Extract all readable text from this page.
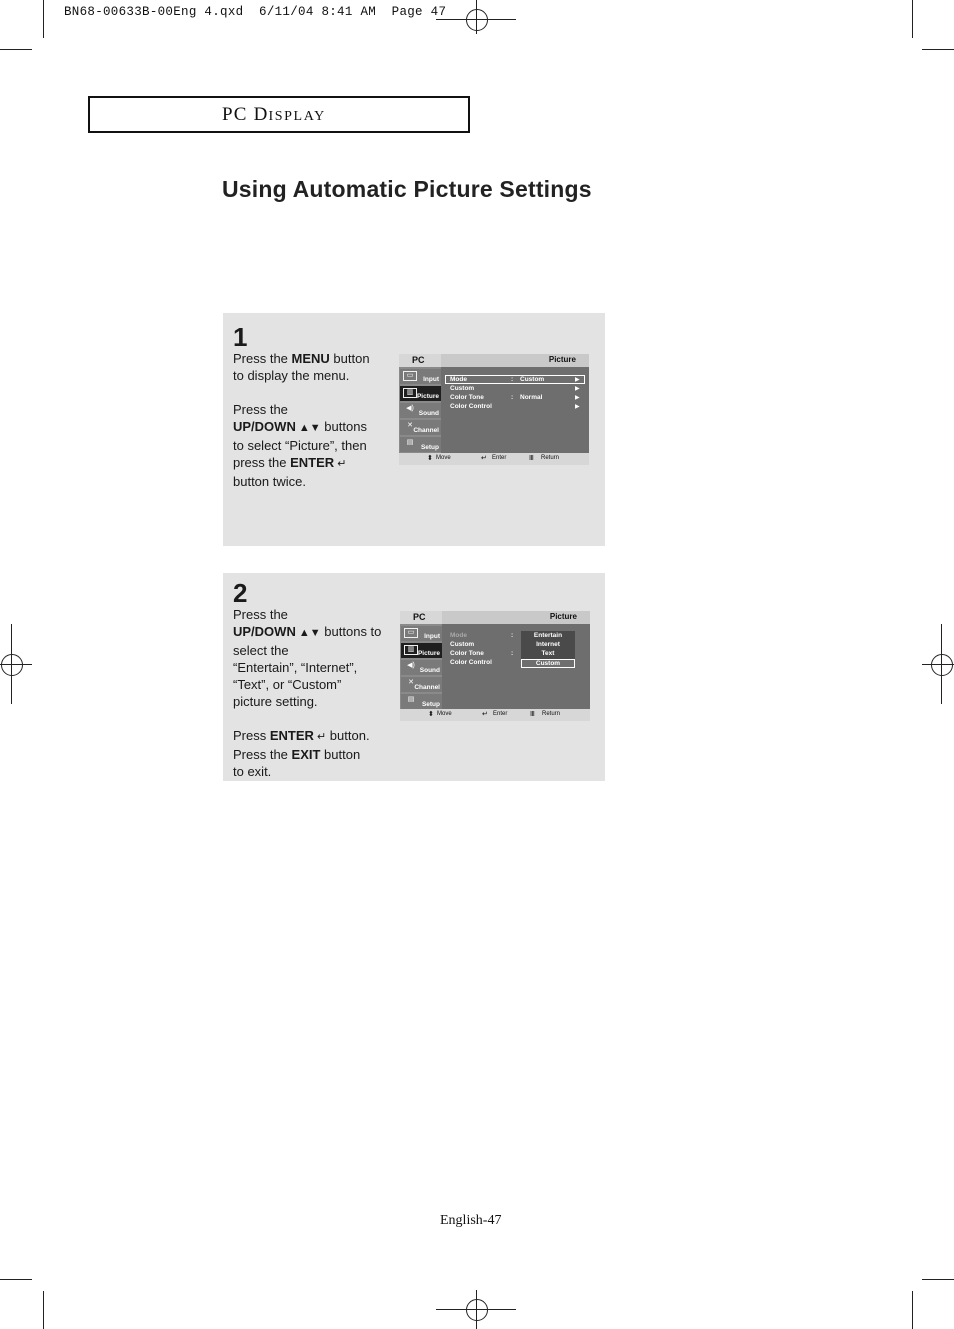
BN68-00633B-00Eng 4.qxd  6/11/04 8:41 AM  Page 47
PC DISPLAY
Using Automatic Picture Settings
1

Press the MENU button

to display the menu.

Press the

UP/DOWN ▲▼ buttons

to select “Picture”, then

press the ENTER ↵

button twice.

PC	Picture
▭
Input
▥
Picture
◀)
Sound
✕
Channel
▤
Setup
Mode	: Custom	▶
Custom	▶
Color Tone	: Normal	▶
Color Control	▶
⬍ Move	↵ Enter	Ⅲ Return
2

Press the

UP/DOWN ▲▼ buttons to

select the

“Entertain”, “Internet”,

“Text”, or “Custom”

picture setting.

Press ENTER ↵ button.

Press the EXIT button

to exit.

PC	Picture
▭
Input
▥
Picture
◀)
Sound
✕
Channel
▤
Setup
Mode	:
Custom
Color Tone	:
Color Control
Entertain
Internet
Text
Custom
⬍ Move	↵ Enter	Ⅲ Return
English-47
